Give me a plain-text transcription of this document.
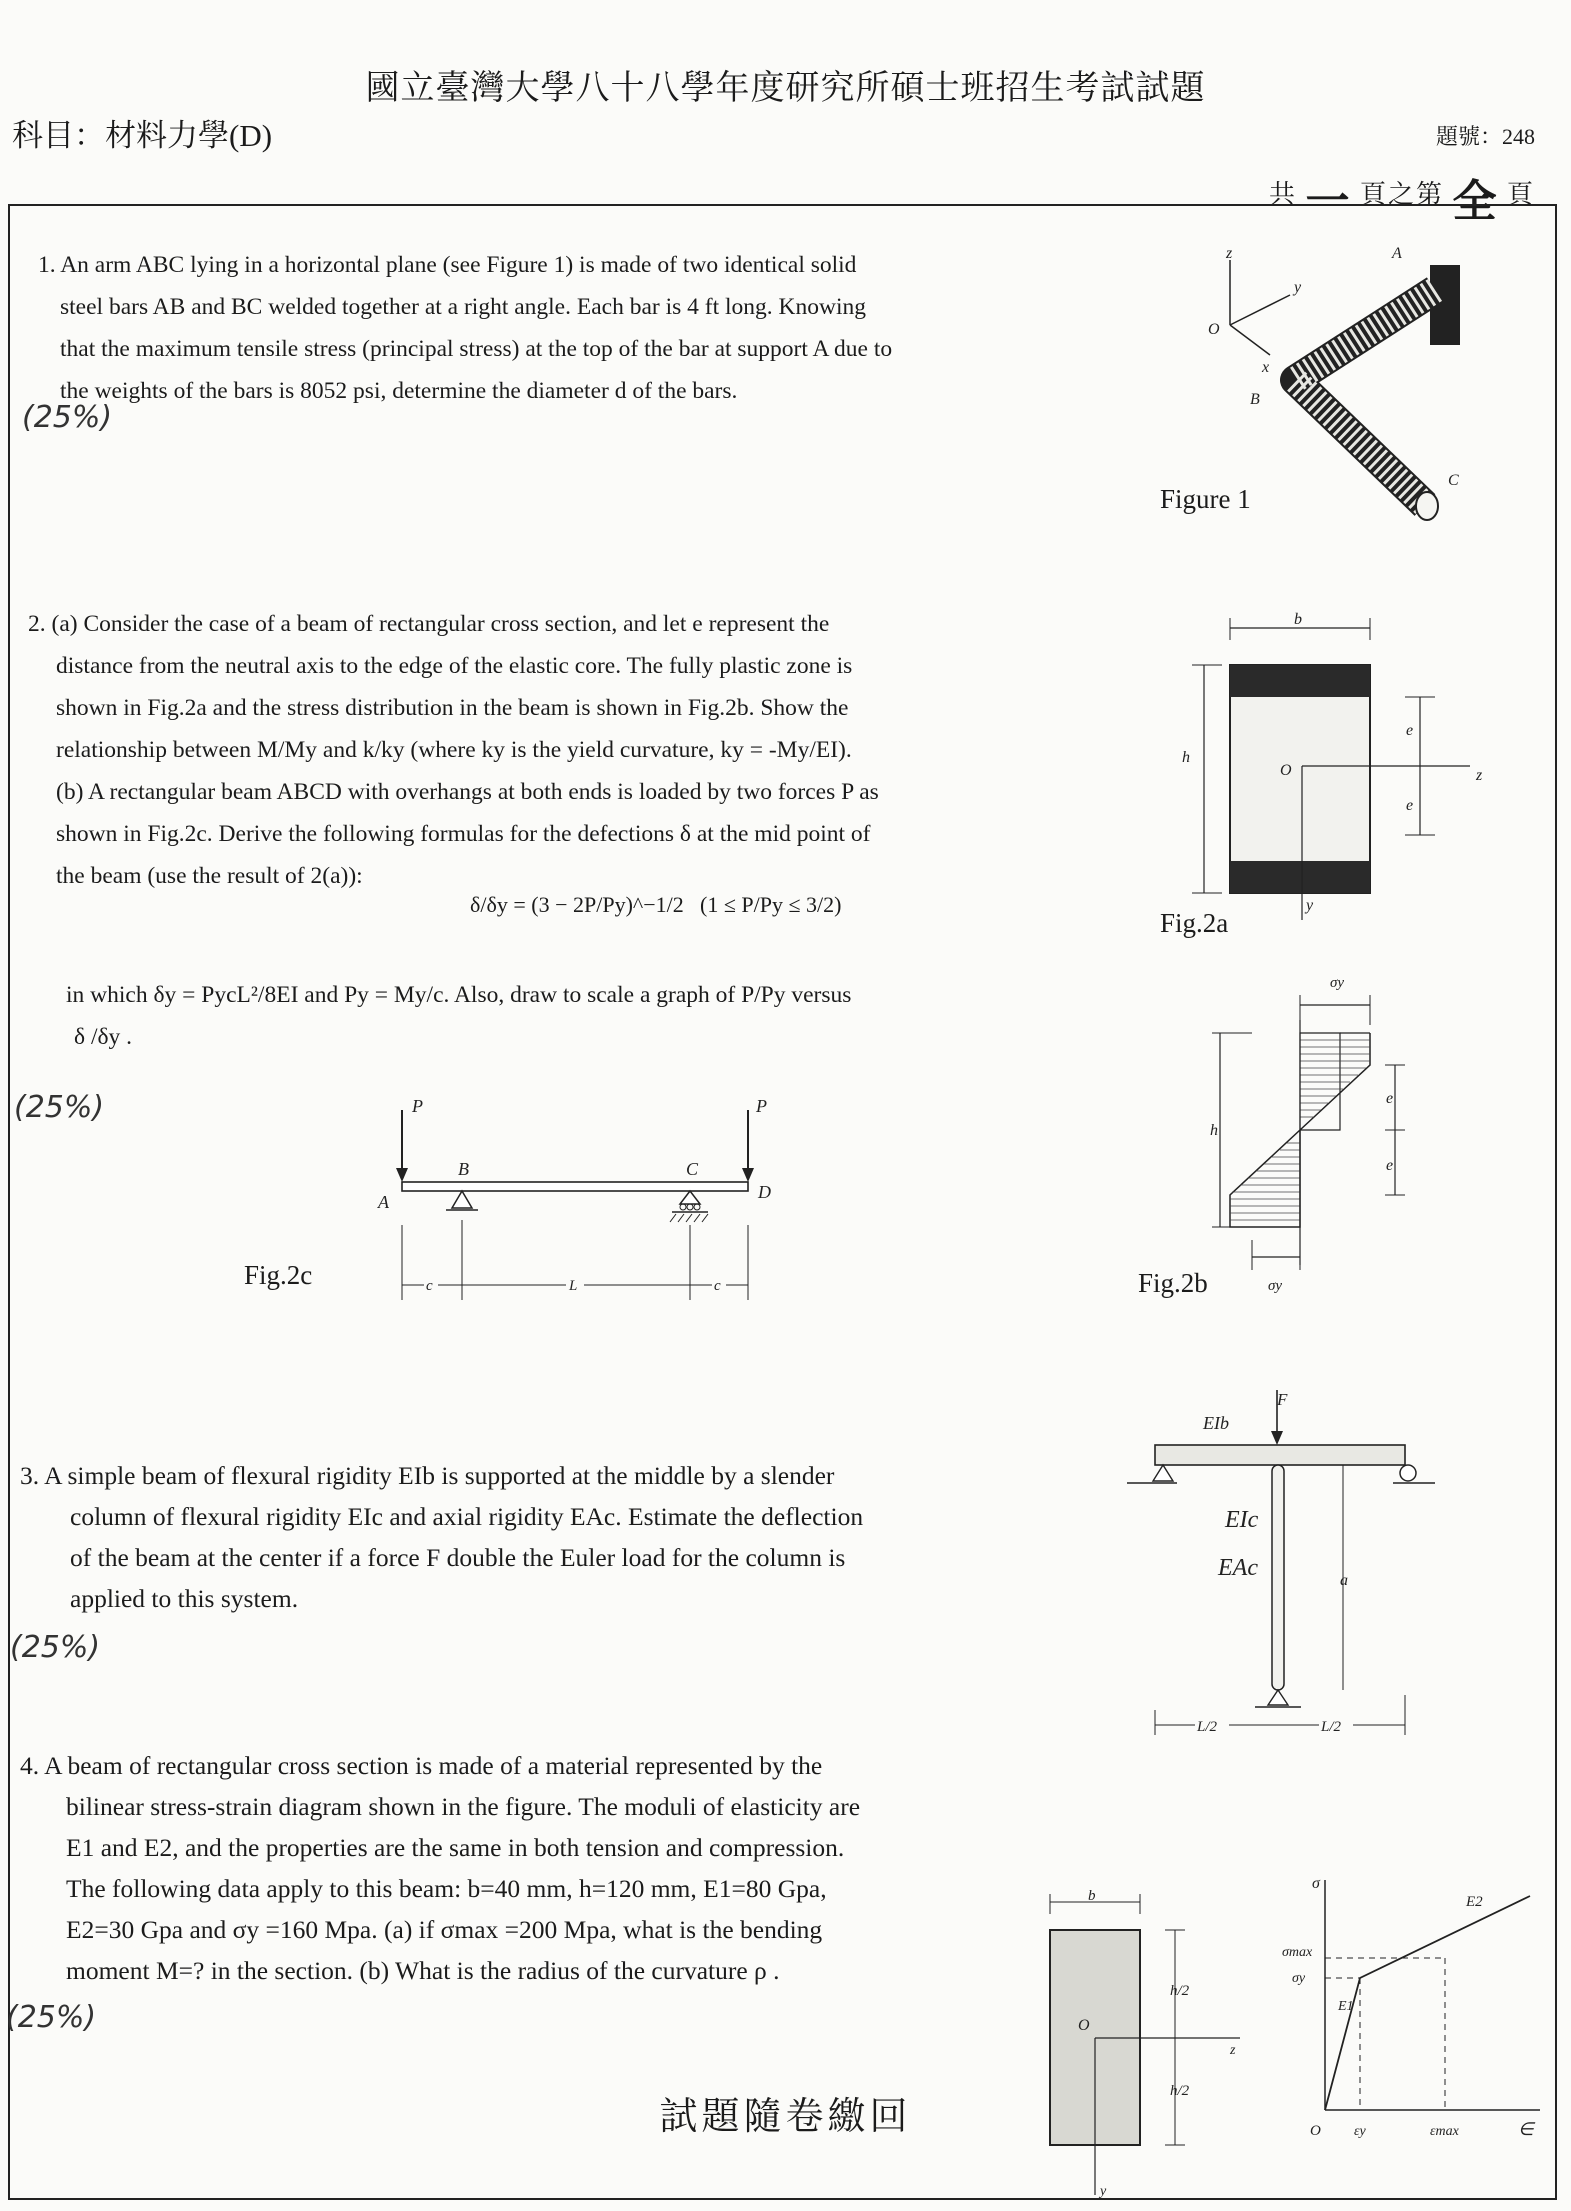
國立臺灣大學八十八學年度研究所碩士班招生考試試題
科目：材料力學(D)	題號：248
共 一 頁之第 全 頁

1. An arm ABC lying in a horizontal plane (see Figure 1) is made of two identical solid

steel bars AB and BC welded together at a right angle. Each bar is 4 ft long. Knowing

that the maximum tensile stress (principal stress) at the top of the bar at support A due to

the weights of the bars is 8052 psi, determine the diameter d of the bars.

(25%)
z
y
O
x
A
B
C
Figure 1

2. (a) Consider the case of a beam of rectangular cross section, and let e represent the

distance from the neutral axis to the edge of the elastic core. The fully plastic zone is

shown in Fig.2a and the stress distribution in the beam is shown in Fig.2b. Show the

relationship between M/My and k/ky (where ky is the yield curvature, ky = -My/EI).

(b) A rectangular beam ABCD with overhangs at both ends is loaded by two forces P as

shown in Fig.2c. Derive the following formulas for the defections δ at the mid point of

the beam (use the result of 2(a)):

δ/δy = (3 − 2P/Py)^−1/2 (1 ≤ P/Py ≤ 3/2)

in which δy = PycL²/8EI and Py = My/c. Also, draw to scale a graph of P/Py versus

δ /δy .

(25%)
b
O	z
y
h
e
e
Fig.2a
σy
h
e
e
σy
Fig.2b
P	P
A
B	C
D
c	L	c
Fig.2c

3. A simple beam of flexural rigidity EIb is supported at the middle by a slender

column of flexural rigidity EIc and axial rigidity EAc. Estimate the deflection

of the beam at the center if a force F double the Euler load for the column is

applied to this system.

(25%)
F
EIb
EIc
EAc	a
L/2	L/2

4. A beam of rectangular cross section is made of a material represented by the

bilinear stress-strain diagram shown in the figure. The moduli of elasticity are

E1 and E2, and the properties are the same in both tension and compression.

The following data apply to this beam: b=40 mm, h=120 mm, E1=80 Gpa,

E2=30 Gpa and σy =160 Mpa. (a) if σmax =200 Mpa, what is the bending

moment M=? in the section. (b) What is the radius of the curvature ρ .

(25%)
b
O
z
y
h/2
h/2
σ
σmax
σy
E1
E2
O εy	εmax	∈
試題隨卷繳回
